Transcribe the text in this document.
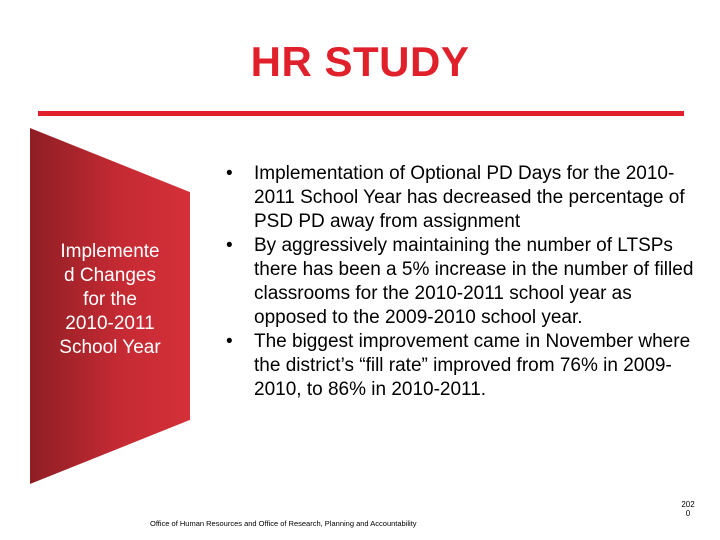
HR STUDY
Implemente
d Changes
for the
2010-2011
School Year
• Implementation of Optional PD Days for the 2010-2011 School Year has decreased the percentage of PSD PD away from assignment
• By aggressively maintaining the number of LTSPs there has been a 5% increase in the number of filled classrooms for the 2010-2011 school year as opposed to the 2009-2010 school year.
• The biggest improvement came in November where the district’s “fill rate” improved from 76% in 2009-2010, to 86% in 2010-2011.
Office of Human Resources and Office of Research, Planning and Accountability
2020
